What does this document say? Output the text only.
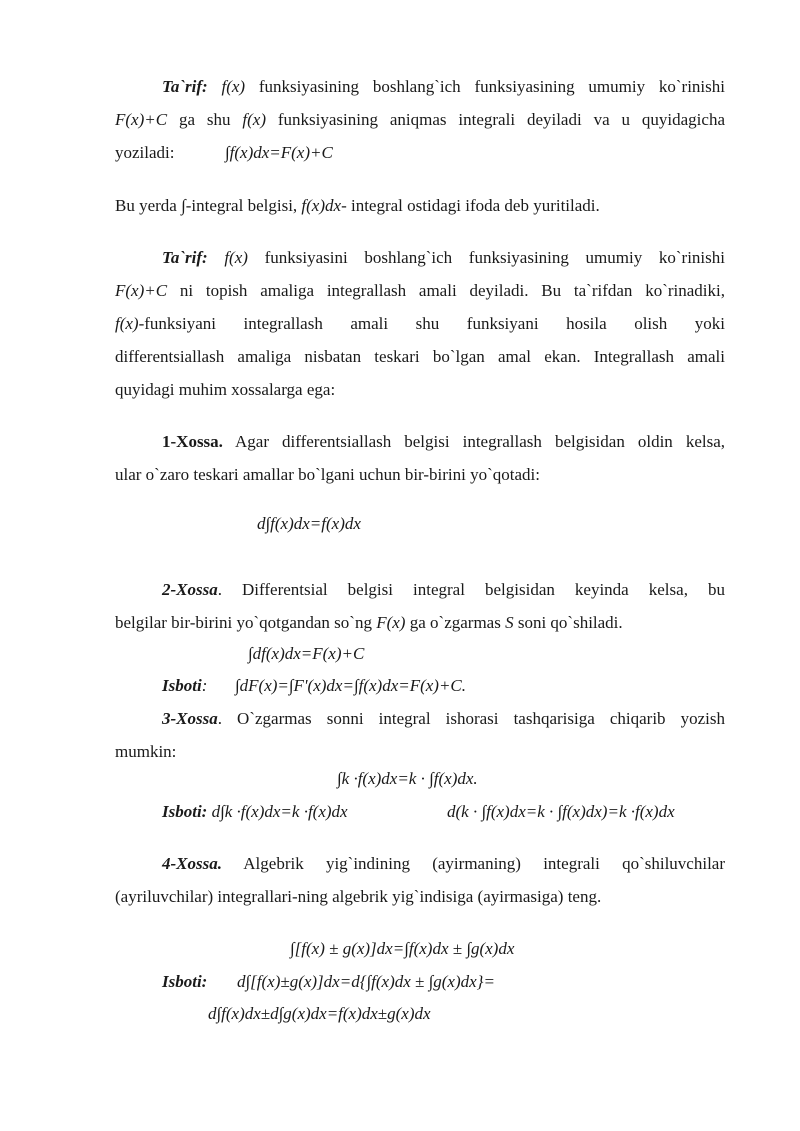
Ta`rif: f(x) funksiyasining boshlang`ich funksiyasining umumiy ko`rinishi
F(x)+C ga shu f(x) funksiyasining aniqmas integrali deyiladi va u quyidagicha
yoziladi:	∫f(x)dx=F(x)+C
Bu yerda ∫-integral belgisi, f(x)dx- integral ostidagi ifoda deb yuritiladi.
Ta`rif: f(x) funksiyasini boshlang`ich funksiyasining umumiy ko`rinishi
F(x)+C ni topish amaliga integrallash amali deyiladi. Bu ta`rifdan ko`rinadiki,
f(x)-funksiyani integrallash amali shu funksiyani hosila olish yoki
differentsiallash amaliga nisbatan teskari bo`lgan amal ekan. Integrallash amali
quyidagi muhim xossalarga ega:
1-Xossa. Agar differentsiallash belgisi integrallash belgisidan oldin kelsa,
ular o`zaro teskari amallar bo`lgani uchun bir-birini yo`qotadi:
d∫f(x)dx=f(x)dx
2-Xossa. Differentsial belgisi integral belgisidan keyinda kelsa, bu
belgilar bir-birini yo`qotgandan so`ng F(x) ga o`zgarmas S soni qo`shiladi.
∫df(x)dx=F(x)+C
Isboti: ∫dF(x)=∫F'(x)dx=∫f(x)dx=F(x)+C.
3-Xossa. O`zgarmas sonni integral ishorasi tashqarisiga chiqarib yozish
mumkin:
∫k ·f(x)dx=k · ∫f(x)dx.
Isboti: d∫k ·f(x)dx=k ·f(x)dx	d(k · ∫f(x)dx=k · ∫f(x)dx)=k ·f(x)dx
4-Xossa. Algebrik yig`indining (ayirmaning) integrali qo`shiluvchilar
(ayriluvchilar) integrallari-ning algebrik yig`indisiga (ayirmasiga) teng.
∫[f(x) ± g(x)]dx=∫f(x)dx ± ∫g(x)dx
Isboti: d∫[f(x)±g(x)]dx=d{∫f(x)dx ± ∫g(x)dx}=
d∫f(x)dx±d∫g(x)dx=f(x)dx±g(x)dx
